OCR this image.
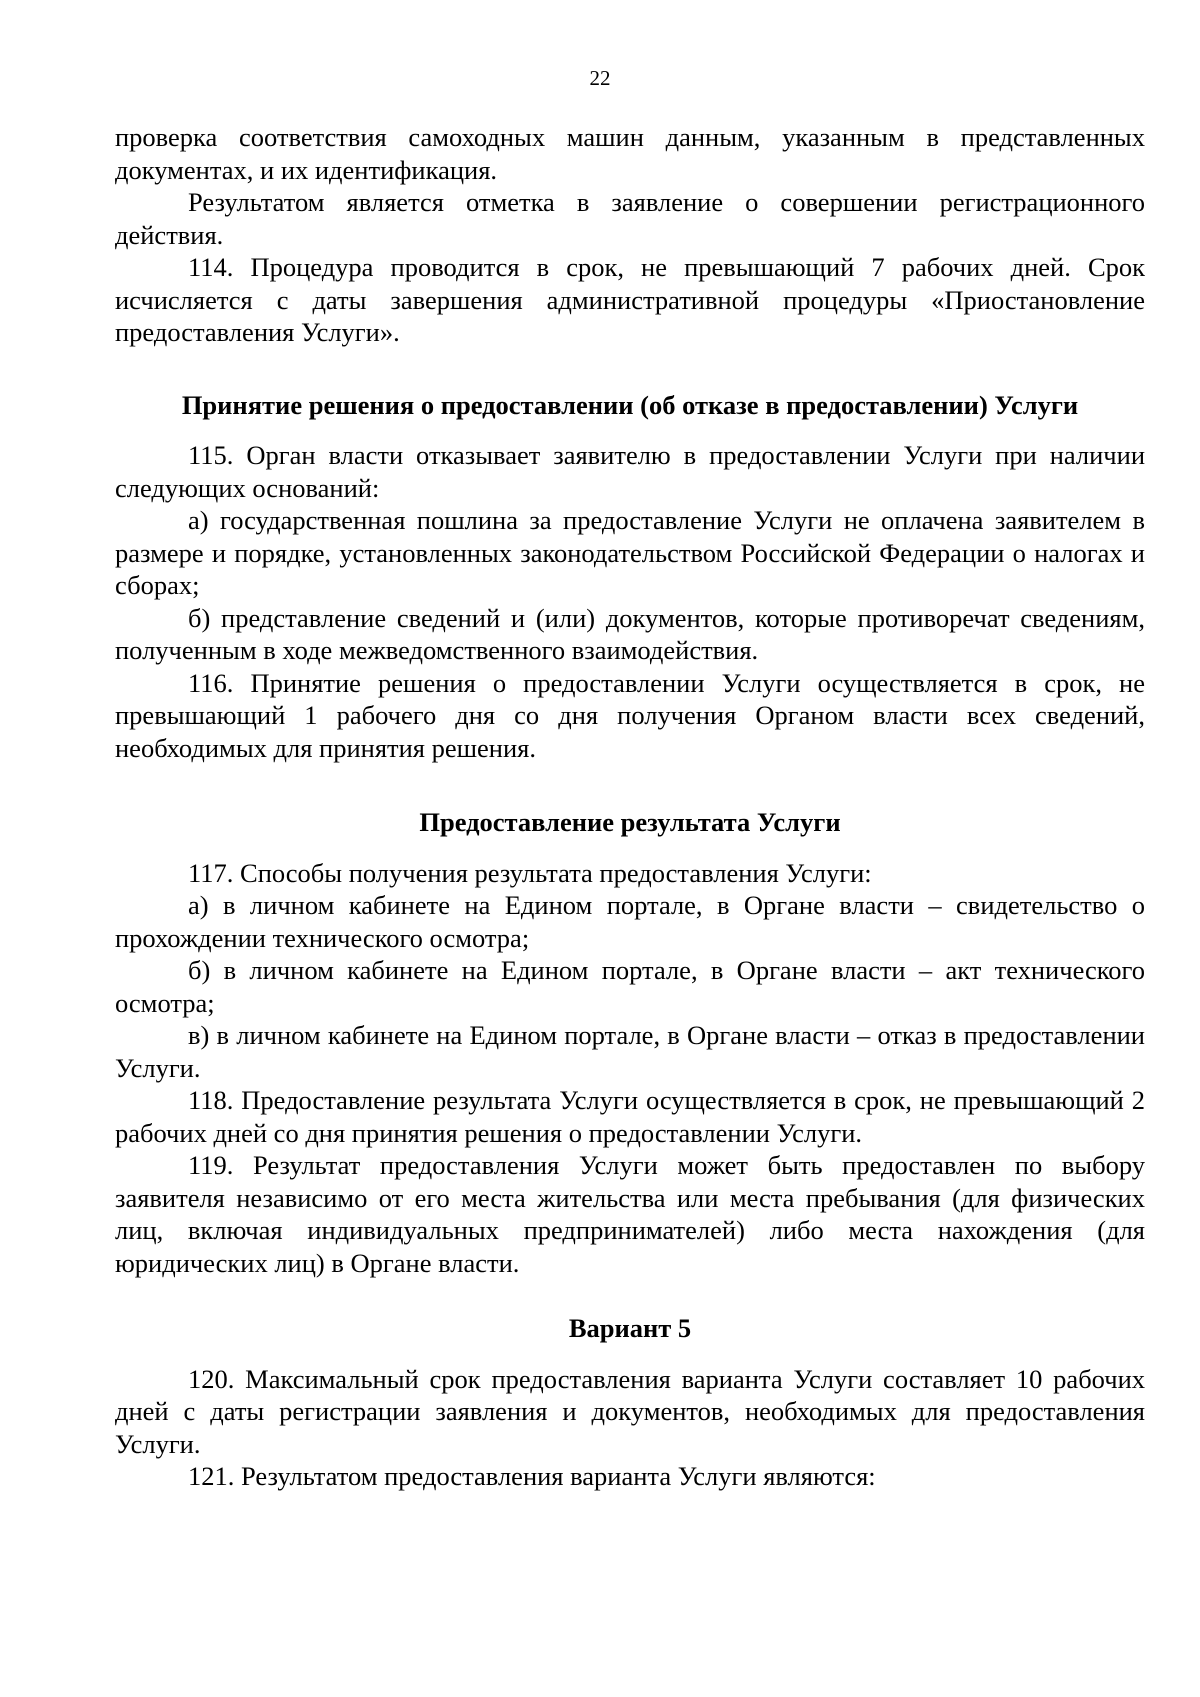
22

проверка соответствия самоходных машин данным, указанным в представленных документах, и их идентификация.

Результатом является отметка в заявление о совершении регистрационного действия.

114. Процедура проводится в срок, не превышающий 7 рабочих дней. Срок исчисляется с даты завершения административной процедуры «Приостановление предоставления Услуги».

Принятие решения о предоставлении (об отказе в предоставлении) Услуги

115. Орган власти отказывает заявителю в предоставлении Услуги при наличии следующих оснований:

а) государственная пошлина за предоставление Услуги не оплачена заявителем в размере и порядке, установленных законодательством Российской Федерации о налогах и сборах;

б) представление сведений и (или) документов, которые противоречат сведениям, полученным в ходе межведомственного взаимодействия.

116. Принятие решения о предоставлении Услуги осуществляется в срок, не превышающий 1 рабочего дня со дня получения Органом власти всех сведений, необходимых для принятия решения.

Предоставление результата Услуги

117. Способы получения результата предоставления Услуги:

а) в личном кабинете на Едином портале, в Органе власти – свидетельство о прохождении технического осмотра;

б) в личном кабинете на Едином портале, в Органе власти – акт технического осмотра;

в) в личном кабинете на Едином портале, в Органе власти – отказ в предоставлении Услуги.

118. Предоставление результата Услуги осуществляется в срок, не превышающий 2 рабочих дней со дня принятия решения о предоставлении Услуги.

119. Результат предоставления Услуги может быть предоставлен по выбору заявителя независимо от его места жительства или места пребывания (для физических лиц, включая индивидуальных предпринимателей) либо места нахождения (для юридических лиц) в Органе власти.

Вариант 5

120. Максимальный срок предоставления варианта Услуги составляет 10 рабочих дней с даты регистрации заявления и документов, необходимых для предоставления Услуги.

121. Результатом предоставления варианта Услуги являются:
